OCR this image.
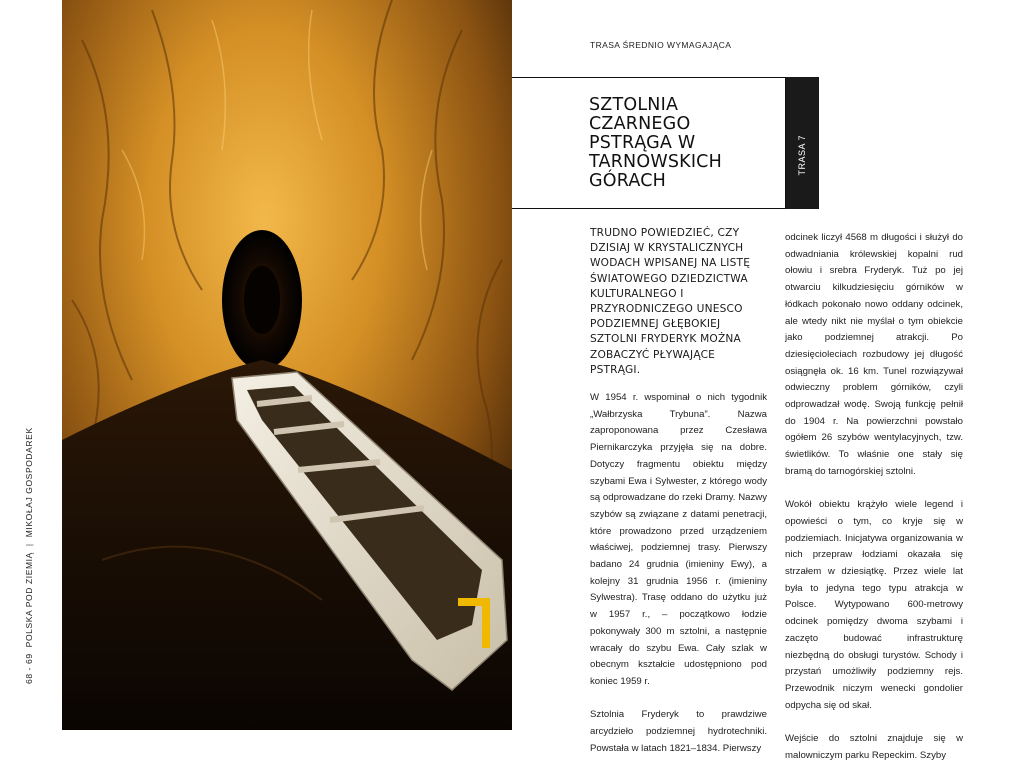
68 - 69
POLSKA POD ZIEMIĄ
|
MIKOŁAJ GOSPODAREK
TRASA ŚREDNIO WYMAGAJĄCA
SZTOLNIA CZARNEGO PSTRĄGA W TARNOWSKICH GÓRACH
TRASA 7
TRUDNO POWIEDZIEĆ, CZY DZISIAJ W KRYSTALICZNYCH WODACH WPISANEJ NA LISTĘ ŚWIATOWEGO DZIEDZICTWA KULTURALNEGO I PRZYRODNICZEGO UNESCO PODZIEMNEJ GŁĘBOKIEJ SZTOLNI FRYDERYK MOŻNA ZOBACZYĆ PŁYWAJĄCE PSTRĄGI.

W 1954 r. wspominał o nich tygodnik „Wałbrzyska Trybuna”. Nazwa zaproponowana przez Czesława Piernikarczyka przyjęła się na dobre. Dotyczy fragmentu obiektu między szybami Ewa i Sylwester, z którego wody są odprowadzane do rzeki Dramy. Nazwy szybów są związane z datami penetracji, które prowadzono przed urządzeniem właściwej, podziemnej trasy. Pierwszy badano 24 grudnia (imieniny Ewy), a kolejny 31 grudnia 1956 r. (imieniny Sylwestra). Trasę oddano do użytku już w 1957 r., – początkowo łodzie pokonywały 300 m sztolni, a następnie wracały do szybu Ewa. Cały szlak w obecnym kształcie udostępniono pod koniec 1959 r.

Sztolnia Fryderyk to prawdziwe arcydzieło podziemnej hydrotechniki. Powstała w latach 1821–1834. Pierwszy

odcinek liczył 4568 m długości i służył do odwadniania królewskiej kopalni rud ołowiu i srebra Fryderyk. Tuż po jej otwarciu kilkudziesięciu górników w łódkach pokonało nowo oddany odcinek, ale wtedy nikt nie myślał o tym obiekcie jako podziemnej atrakcji. Po dziesięcioleciach rozbudowy jej długość osiągnęła ok. 16 km. Tunel rozwiązywał odwieczny problem górników, czyli odprowadzał wodę. Swoją funkcję pełnił do 1904 r. Na powierzchni powstało ogółem 26 szybów wentylacyjnych, tzw. świetlików. To właśnie one stały się bramą do tarnogórskiej sztolni.

Wokół obiektu krążyło wiele legend i opowieści o tym, co kryje się w podziemiach. Inicjatywa organizowania w nich przepraw łodziami okazała się strzałem w dziesiątkę. Przez wiele lat była to jedyna tego typu atrakcja w Polsce. Wytypowano 600-metrowy odcinek pomiędzy dwoma szybami i zaczęto budować infrastrukturę niezbędną do obsługi turystów. Schody i przystań umożliwiły podziemny rejs. Przewodnik niczym wenecki gondolier odpycha się od skał.

Wejście do sztolni znajduje się w malowniczym parku Repeckim. Szyby
